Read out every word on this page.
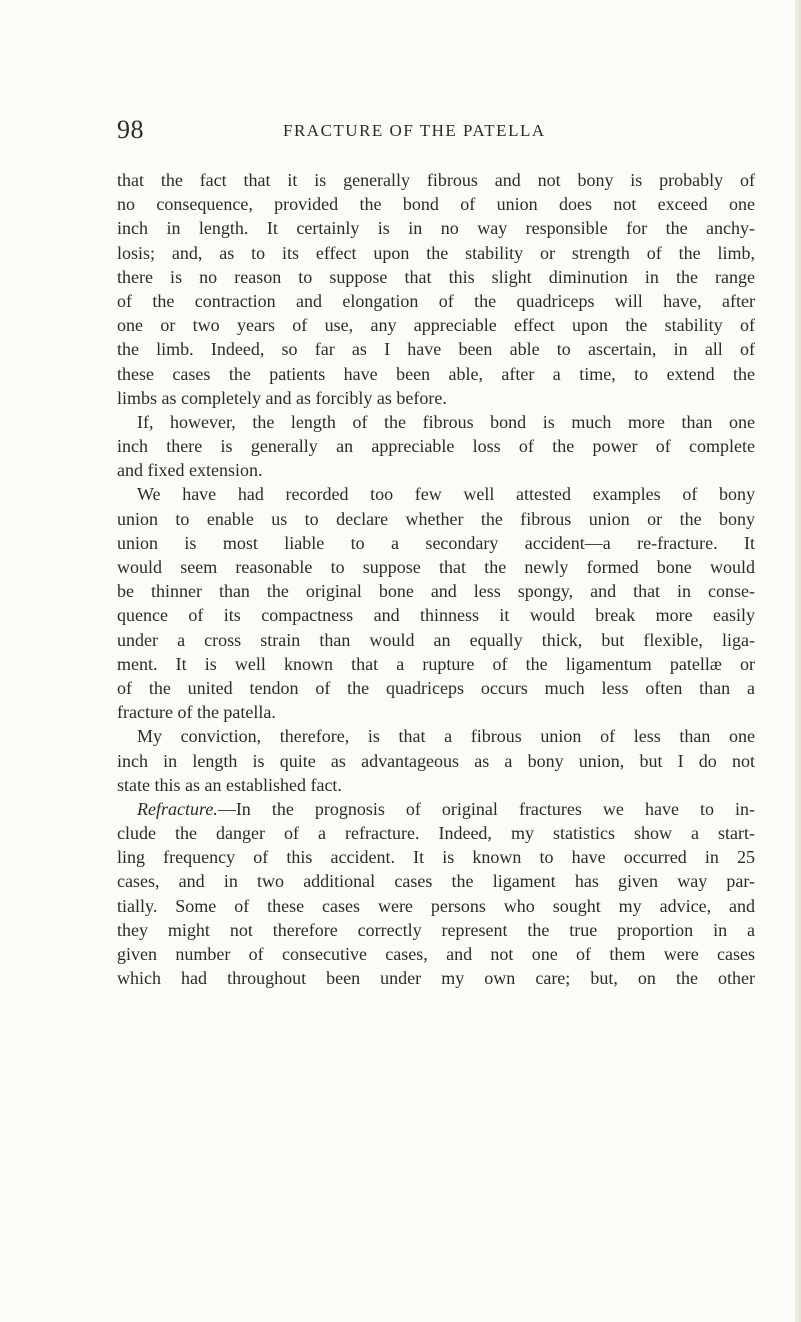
98	FRACTURE OF THE PATELLA
that the fact that it is generally fibrous and not bony is probably of
no consequence, provided the bond of union does not exceed one
inch in length. It certainly is in no way responsible for the anchy-
losis; and, as to its effect upon the stability or strength of the limb,
there is no reason to suppose that this slight diminution in the range
of the contraction and elongation of the quadriceps will have, after
one or two years of use, any appreciable effect upon the stability of
the limb. Indeed, so far as I have been able to ascertain, in all of
these cases the patients have been able, after a time, to extend the
limbs as completely and as forcibly as before.
If, however, the length of the fibrous bond is much more than one
inch there is generally an appreciable loss of the power of complete
and fixed extension.
We have had recorded too few well attested examples of bony
union to enable us to declare whether the fibrous union or the bony
union is most liable to a secondary accident—a re-fracture. It
would seem reasonable to suppose that the newly formed bone would
be thinner than the original bone and less spongy, and that in conse-
quence of its compactness and thinness it would break more easily
under a cross strain than would an equally thick, but flexible, liga-
ment. It is well known that a rupture of the ligamentum patellæ or
of the united tendon of the quadriceps occurs much less often than a
fracture of the patella.
My conviction, therefore, is that a fibrous union of less than one
inch in length is quite as advantageous as a bony union, but I do not
state this as an established fact.
Refracture.—In the prognosis of original fractures we have to in-
clude the danger of a refracture. Indeed, my statistics show a start-
ling frequency of this accident. It is known to have occurred in 25
cases, and in two additional cases the ligament has given way par-
tially. Some of these cases were persons who sought my advice, and
they might not therefore correctly represent the true proportion in a
given number of consecutive cases, and not one of them were cases
which had throughout been under my own care; but, on the other
